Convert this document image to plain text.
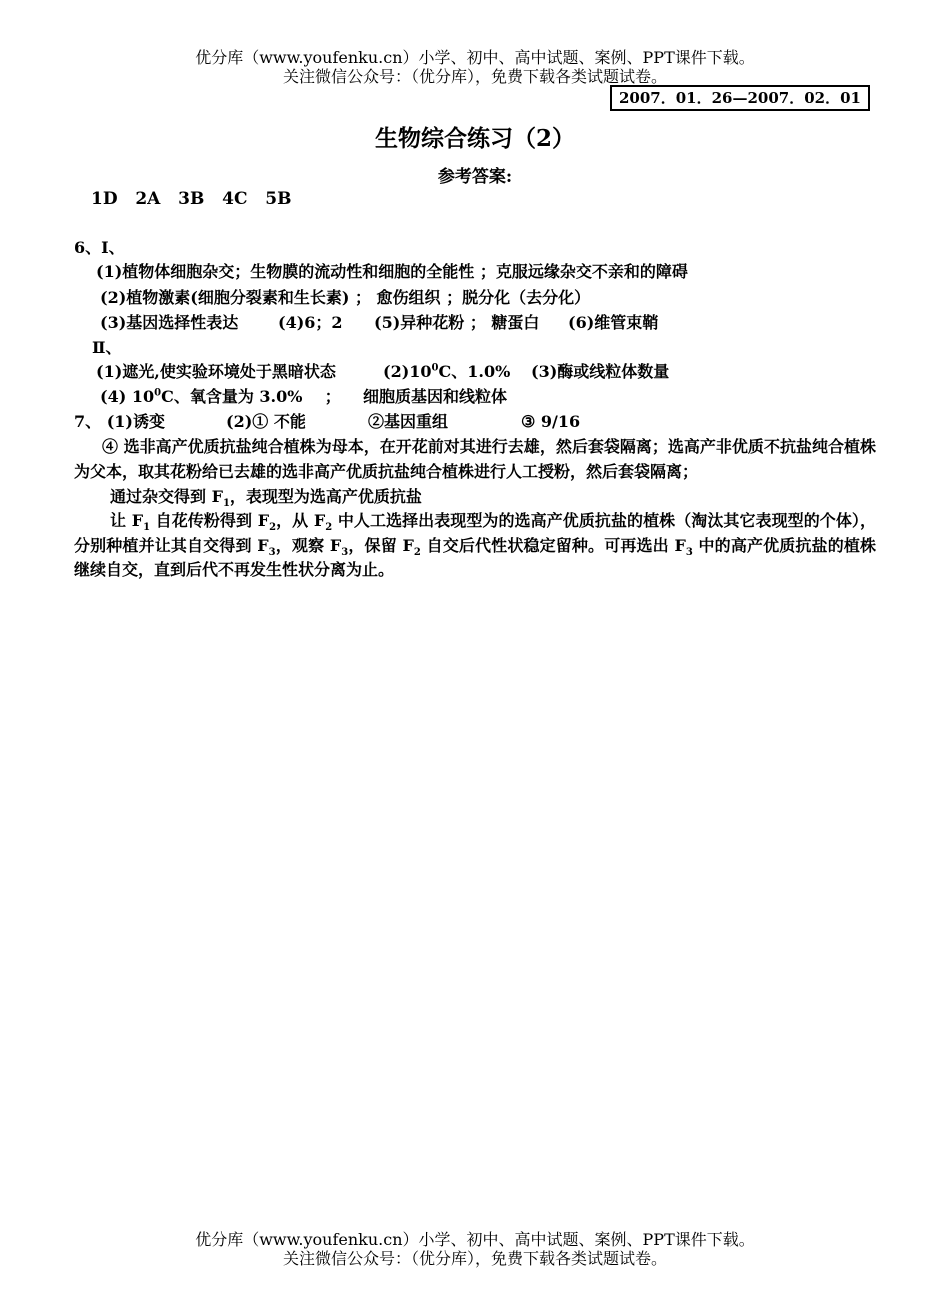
优分库（www.youfenku.cn）小学、初中、高中试题、案例、PPT课件下载。
关注微信公众号：（优分库），免费下载各类试题试卷。
2007．01．26—2007．02．01
生物综合练习（2）
参考答案:
1D 2A 3B 4C 5B
6、Ⅰ、
(1)植物体细胞杂交；生物膜的流动性和细胞的全能性 ；克服远缘杂交不亲和的障碍
(2)植物激素(细胞分裂素和生长素) ； 愈伤组织 ；脱分化（去分化）
(3)基因选择性表达 (4)6；2 (5)异种花粉 ； 糖蛋白 (6)维管束鞘
Ⅱ、
(1)遮光,使实验环境处于黑暗状态	$(2)10^0C$、1.0% (3)酶或线粒体数量
(4) $10^0C$、氧含量为 3.0% ； 细胞质基因和线粒体
7、 (1)诱变	(2)① 不能	②基因重组	③ 9/16
④ 选非高产优质抗盐纯合植株为母本，在开花前对其进行去雄，然后套袋隔离；选高产非优质不抗盐纯合植株为父本，取其花粉给已去雄的选非高产优质抗盐纯合植株进行人工授粉，然后套袋隔离；
通过杂交得到 $F_1$，表现型为选高产优质抗盐
让 $F_1$ 自花传粉得到 $F_2$，从 $F_2$ 中人工选择出表现型为的选高产优质抗盐的植株（淘汰其它表现型的个体），分别种植并让其自交得到 $F_3$，观察 $F_3$，保留 $F_2$ 自交后代性状稳定留种。可再选出 $F_3$ 中的高产优质抗盐的植株继续自交，直到后代不再发生性状分离为止。
优分库（www.youfenku.cn）小学、初中、高中试题、案例、PPT课件下载。
关注微信公众号：（优分库），免费下载各类试题试卷。
